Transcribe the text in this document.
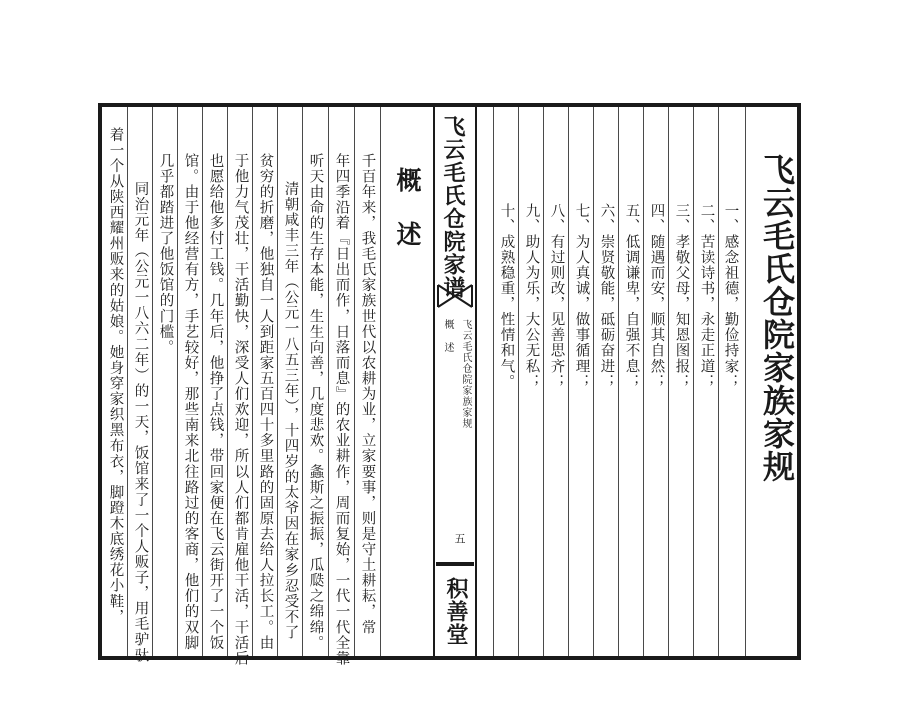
飞云毛氏仓院家族家规
一、感念祖德，勤俭持家；
二、苦读诗书，永走正道；
三、孝敬父母，知恩图报；
四、随遇而安，顺其自然；
五、低调谦卑，自强不息；
六、崇贤敬能，砥砺奋进；
七、为人真诚，做事循理；
八、有过则改，见善思齐；
九、助人为乐，大公无私；
十、成熟稳重，性情和气。
飞云毛氏仓院家谱
飞云毛氏仓院家族家规
概 述
五
积善堂
概 述
千百年来，我毛氏家族世代以农耕为业，立家要事，则是守土耕耘，常
年四季沿着『日出而作，日落而息』的农业耕作，周而复始，一代一代全靠
听天由命的生存本能，生生向善，几度悲欢。螽斯之振振，瓜瓞之绵绵。
清朝咸丰三年（公元一八五三年），十四岁的太爷因在家乡忍受不了
贫穷的折磨，他独自一人到距家五百四十多里路的固原去给人拉长工。由
于他力气茂壮，干活勤快，深受人们欢迎，所以人们都肯雇他干活，干活后
也愿给他多付工钱。几年后，他挣了点钱，带回家便在飞云街开了一个饭
馆。由于他经营有方，手艺较好，那些南来北往路过的客商，他们的双脚
几乎都踏进了他饭馆的门槛。
同治元年（公元一八六二年）的一天，饭馆来了一个人贩子，用毛驴驮
着一个从陕西耀州贩来的姑娘。她身穿家织黑布衣，脚蹬木底绣花小鞋，
